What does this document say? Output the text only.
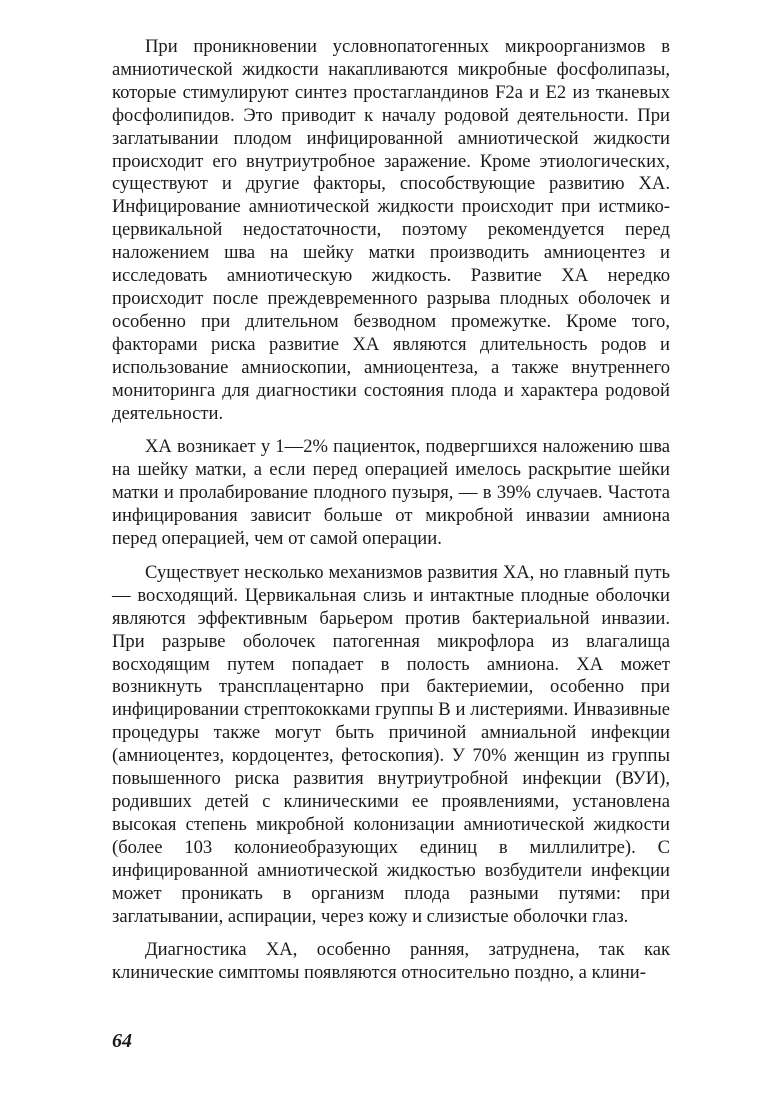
При проникновении условнопатогенных микроорганизмов в амниотической жидкости накапливаются микробные фосфолипазы, которые стимулируют синтез простагландинов F2a и E2 из тканевых фосфолипидов. Это приводит к началу родовой деятельности. При заглатывании плодом инфицированной амниотической жидкости происходит его внутриутробное заражение. Кроме этиологических, существуют и другие факторы, способствующие развитию ХА. Инфицирование амниотической жидкости происходит при истмико-цервикальной недостаточности, поэтому рекомендуется перед наложением шва на шейку матки производить амниоцентез и исследовать амниотическую жидкость. Развитие ХА нередко происходит после преждевременного разрыва плодных оболочек и особенно при длительном безводном промежутке. Кроме того, факторами риска развитие ХА являются длительность родов и использование амниоскопии, амниоцентеза, а также внутреннего мониторинга для диагностики состояния плода и характера родовой деятельности.

ХА возникает у 1—2% пациенток, подвергшихся наложению шва на шейку матки, а если перед операцией имелось раскрытие шейки матки и пролабирование плодного пузыря, — в 39% случаев. Частота инфицирования зависит больше от микробной инвазии амниона перед операцией, чем от самой операции.

Существует несколько механизмов развития ХА, но главный путь — восходящий. Цервикальная слизь и интактные плодные оболочки являются эффективным барьером против бактериальной инвазии. При разрыве оболочек патогенная микрофлора из влагалища восходящим путем попадает в полость амниона. ХА может возникнуть трансплацентарно при бактериемии, особенно при инфицировании стрептококками группы B и листериями. Инвазивные процедуры также могут быть причиной амниальной инфекции (амниоцентез, кордоцентез, фетоскопия). У 70% женщин из группы повышенного риска развития внутриутробной инфекции (ВУИ), родивших детей с клиническими ее проявлениями, установлена высокая степень микробной колонизации амниотической жидкости (более 103 колониеобразующих единиц в миллилитре). С инфицированной амниотической жидкостью возбудители инфекции может проникать в организм плода разными путями: при заглатывании, аспирации, через кожу и слизистые оболочки глаз.

Диагностика ХА, особенно ранняя, затруднена, так как клинические симптомы появляются относительно поздно, а клини-

64
